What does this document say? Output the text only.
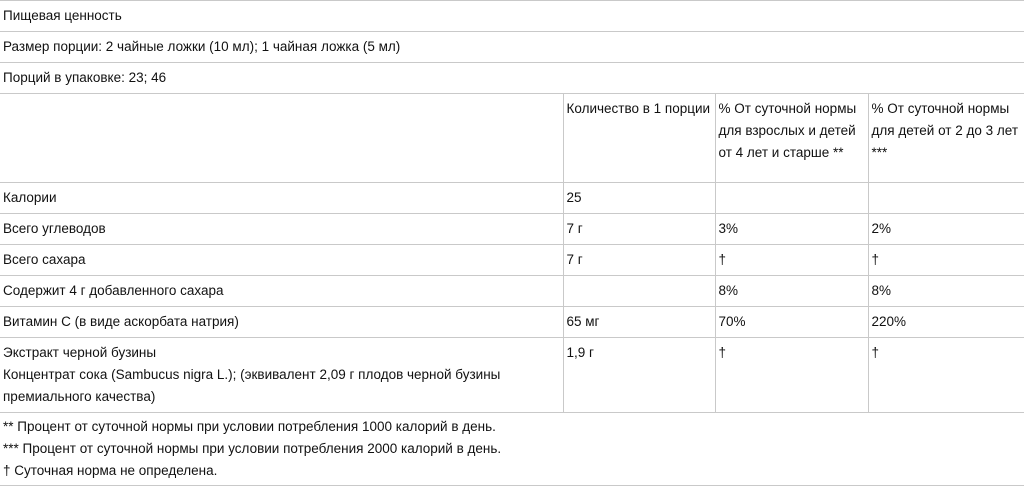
Пищевая ценность			
Размер порции: 2 чайные ложки (10 мл); 1 чайная ложка (5 мл)			
Порций в упаковке: 23; 46			
	Количество в 1 порции	% От суточной нормы для взрослых и детей от 4 лет и старше **	% От суточной нормы для детей от 2 до 3 лет ***
Калории	25		
Всего углеводов	7 г	3%	2%
Всего сахара	7 г	†	†
Содержит 4 г добавленного сахара		8%	8%
Витамин C (в виде аскорбата натрия)	65 мг	70%	220%

Экстракт черной бузины
Концентрат сока (Sambucus nigra L.); (эквивалент 2,09 г плодов черной бузины премиального качества)	1,9 г	†	†

** Процент от суточной нормы при условии потребления 1000 калорий в день.
*** Процент от суточной нормы при условии потребления 2000 калорий в день.
† Суточная норма не определена.			
